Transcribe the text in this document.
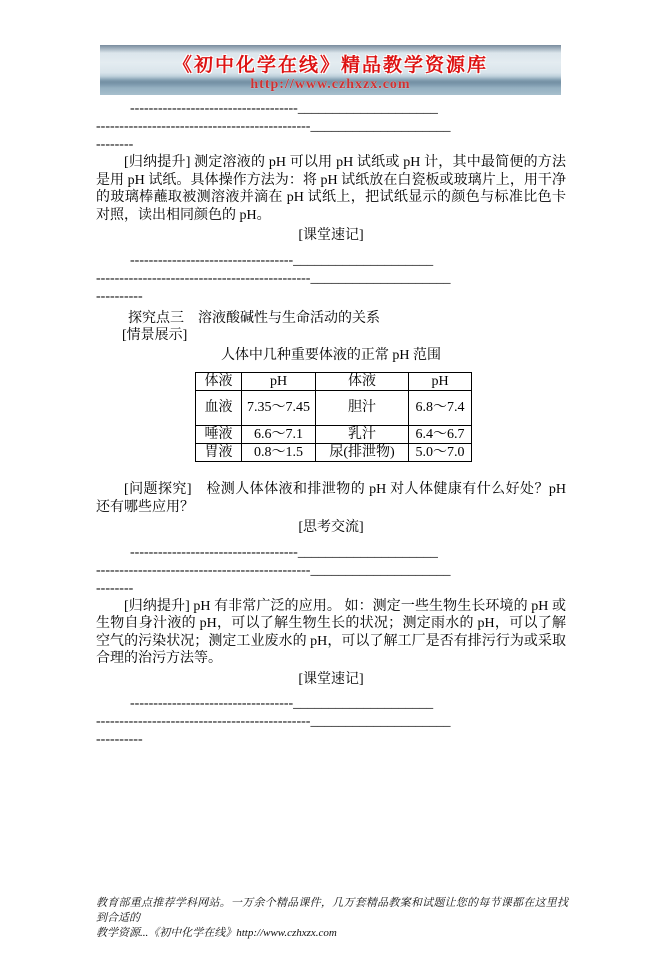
《初中化学在线》精品教学资源库
http://www.czhxzx.com
------------------------------------____________________
----------------------------------------------____________________
--------
[归纳提升] 测定溶液的 pH 可以用 pH 试纸或 pH 计，其中最简便的方法是用 pH 试纸。具体操作方法为：将 pH 试纸放在白瓷板或玻璃片上，用干净的玻璃棒蘸取被测溶液并滴在 pH 试纸上，把试纸显示的颜色与标准比色卡对照，读出相同颜色的 pH。
[课堂速记]
-----------------------------------____________________
----------------------------------------------____________________
----------
探究点三　溶液酸碱性与生命活动的关系
[情景展示]
人体中几种重要体液的正常 pH 范围
体液	pH	体液	pH
血液	7.35～7.45	胆汁	6.8～7.4
唾液	6.6～7.1	乳汁	6.4～6.7
胃液	0.8～1.5	尿(排泄物)	5.0～7.0
[问题探究]　检测人体体液和排泄物的 pH 对人体健康有什么好处？pH 还有哪些应用？
[思考交流]
------------------------------------____________________
----------------------------------------------____________________
--------
[归纳提升] pH 有非常广泛的应用。 如：测定一些生物生长环境的 pH 或生物自身汁液的 pH，可以了解生物生长的状况；测定雨水的 pH，可以了解空气的污染状况；测定工业废水的 pH，可以了解工厂是否有排污行为或采取合理的治污方法等。
[课堂速记]
-----------------------------------____________________
----------------------------------------------____________________
----------
教育部重点推荐学科网站。一万余个精品课件，几万套精品教案和试题让您的每节课都在这里找到合适的
教学资源...《初中化学在线》http://www.czhxzx.com
